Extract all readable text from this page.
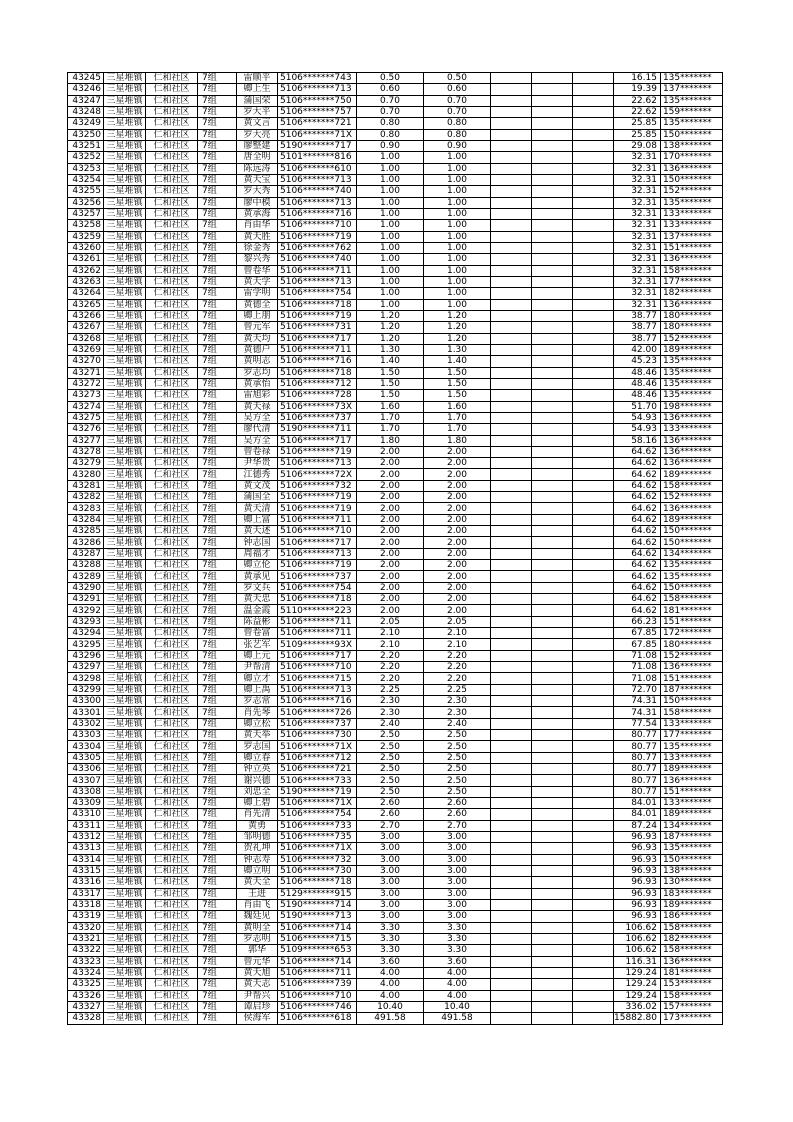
43245	三星堆镇	仁和社区	7组	雷顺平	5106*******743	0.50	0.50				16.15	135*******
43246	三星堆镇	仁和社区	7组	卿上生	5106*******713	0.60	0.60				19.39	137*******
43247	三星堆镇	仁和社区	7组	蒲国荣	5106*******750	0.70	0.70				22.62	135*******
43248	三星堆镇	仁和社区	7组	罗大平	5106*******757	0.70	0.70				22.62	159*******
43249	三星堆镇	仁和社区	7组	黄文言	5106*******721	0.80	0.80				25.85	135*******
43250	三星堆镇	仁和社区	7组	罗大亮	5106*******71X	0.80	0.80				25.85	150*******
43251	三星堆镇	仁和社区	7组	廖整建	5190*******717	0.90	0.90				29.08	138*******
43252	三星堆镇	仁和社区	7组	唐全明	5101*******816	1.00	1.00				32.31	170*******
43253	三星堆镇	仁和社区	7组	陈远涛	5106*******610	1.00	1.00				32.31	136*******
43254	三星堆镇	仁和社区	7组	黄天宝	5106*******713	1.00	1.00				32.31	150*******
43255	三星堆镇	仁和社区	7组	罗大秀	5106*******740	1.00	1.00				32.31	152*******
43256	三星堆镇	仁和社区	7组	廖中模	5106*******713	1.00	1.00				32.31	135*******
43257	三星堆镇	仁和社区	7组	黄承海	5106*******716	1.00	1.00				32.31	133*******
43258	三星堆镇	仁和社区	7组	肖由华	5106*******710	1.00	1.00				32.31	133*******
43259	三星堆镇	仁和社区	7组	黄天胜	5106*******719	1.00	1.00				32.31	137*******
43260	三星堆镇	仁和社区	7组	徐金秀	5106*******762	1.00	1.00				32.31	151*******
43261	三星堆镇	仁和社区	7组	黎兴秀	5106*******740	1.00	1.00				32.31	136*******
43262	三星堆镇	仁和社区	7组	曾卷华	5106*******711	1.00	1.00				32.31	158*******
43263	三星堆镇	仁和社区	7组	黄天学	5106*******713	1.00	1.00				32.31	177*******
43264	三星堆镇	仁和社区	7组	雷学明	5106*******754	1.00	1.00				32.31	182*******
43265	三星堆镇	仁和社区	7组	黄德全	5106*******718	1.00	1.00				32.31	136*******
43266	三星堆镇	仁和社区	7组	卿上朋	5106*******719	1.20	1.20				38.77	180*******
43267	三星堆镇	仁和社区	7组	曾元军	5106*******731	1.20	1.20				38.77	180*******
43268	三星堆镇	仁和社区	7组	黄天均	5106*******717	1.20	1.20				38.77	152*******
43269	三星堆镇	仁和社区	7组	黄德户	5106*******711	1.30	1.30				42.00	189*******
43270	三星堆镇	仁和社区	7组	黄明志	5106*******716	1.40	1.40				45.23	135*******
43271	三星堆镇	仁和社区	7组	罗志均	5106*******718	1.50	1.50				48.46	135*******
43272	三星堆镇	仁和社区	7组	黄承怡	5106*******712	1.50	1.50				48.46	135*******
43273	三星堆镇	仁和社区	7组	雷旭彩	5106*******728	1.50	1.50				48.46	135*******
43274	三星堆镇	仁和社区	7组	黄天禄	5106*******73X	1.60	1.60				51.70	198*******
43275	三星堆镇	仁和社区	7组	吴方全	5106*******737	1.70	1.70				54.93	136*******
43276	三星堆镇	仁和社区	7组	廖代清	5190*******711	1.70	1.70				54.93	133*******
43277	三星堆镇	仁和社区	7组	吴方全	5106*******717	1.80	1.80				58.16	136*******
43278	三星堆镇	仁和社区	7组	曾卷禄	5106*******719	2.00	2.00				64.62	136*******
43279	三星堆镇	仁和社区	7组	尹华贵	5106*******713	2.00	2.00				64.62	136*******
43280	三星堆镇	仁和社区	7组	江德秀	5106*******72X	2.00	2.00				64.62	189*******
43281	三星堆镇	仁和社区	7组	黄文茂	5106*******732	2.00	2.00				64.62	158*******
43282	三星堆镇	仁和社区	7组	蒲国全	5106*******719	2.00	2.00				64.62	152*******
43283	三星堆镇	仁和社区	7组	黄天清	5106*******719	2.00	2.00				64.62	136*******
43284	三星堆镇	仁和社区	7组	卿上富	5106*******711	2.00	2.00				64.62	189*******
43285	三星堆镇	仁和社区	7组	黄天述	5106*******710	2.00	2.00				64.62	150*******
43286	三星堆镇	仁和社区	7组	钟志国	5106*******717	2.00	2.00				64.62	150*******
43287	三星堆镇	仁和社区	7组	周福才	5106*******713	2.00	2.00				64.62	134*******
43288	三星堆镇	仁和社区	7组	卿立伦	5106*******719	2.00	2.00				64.62	135*******
43289	三星堆镇	仁和社区	7组	黄承见	5106*******737	2.00	2.00				64.62	135*******
43290	三星堆镇	仁和社区	7组	罗文兵	5106*******754	2.00	2.00				64.62	150*******
43291	三星堆镇	仁和社区	7组	黄天忠	5106*******718	2.00	2.00				64.62	158*******
43292	三星堆镇	仁和社区	7组	温金霞	5110*******223	2.00	2.00				64.62	181*******
43293	三星堆镇	仁和社区	7组	陈益彬	5106*******711	2.05	2.05				66.23	151*******
43294	三星堆镇	仁和社区	7组	曾卷富	5106*******711	2.10	2.10				67.85	172*******
43295	三星堆镇	仁和社区	7组	张艺军	5109*******93X	2.10	2.10				67.85	180*******
43296	三星堆镇	仁和社区	7组	卿上元	5106*******717	2.20	2.20				71.08	152*******
43297	三星堆镇	仁和社区	7组	尹帮清	5106*******710	2.20	2.20				71.08	136*******
43298	三星堆镇	仁和社区	7组	卿立才	5106*******715	2.20	2.20				71.08	151*******
43299	三星堆镇	仁和社区	7组	卿上禹	5106*******713	2.25	2.25				72.70	187*******
43300	三星堆镇	仁和社区	7组	罗志常	5106*******716	2.30	2.30				74.31	150*******
43301	三星堆镇	仁和社区	7组	肖先琴	5106*******726	2.30	2.30				74.31	158*******
43302	三星堆镇	仁和社区	7组	卿立松	5106*******737	2.40	2.40				77.54	133*******
43303	三星堆镇	仁和社区	7组	黄天举	5106*******730	2.50	2.50				80.77	177*******
43304	三星堆镇	仁和社区	7组	罗志国	5106*******71X	2.50	2.50				80.77	135*******
43305	三星堆镇	仁和社区	7组	卿立春	5106*******712	2.50	2.50				80.77	133*******
43306	三星堆镇	仁和社区	7组	钟立英	5106*******721	2.50	2.50				80.77	189*******
43307	三星堆镇	仁和社区	7组	谢兴德	5106*******733	2.50	2.50				80.77	136*******
43308	三星堆镇	仁和社区	7组	刘忠全	5190*******719	2.50	2.50				80.77	151*******
43309	三星堆镇	仁和社区	7组	卿上碧	5106*******71X	2.60	2.60				84.01	133*******
43310	三星堆镇	仁和社区	7组	肖先清	5106*******754	2.60	2.60				84.01	189*******
43311	三星堆镇	仁和社区	7组	黄勇	5106*******733	2.70	2.70				87.24	134*******
43312	三星堆镇	仁和社区	7组	邹明德	5106*******735	3.00	3.00				96.93	187*******
43313	三星堆镇	仁和社区	7组	贺礼坤	5106*******71X	3.00	3.00				96.93	135*******
43314	三星堆镇	仁和社区	7组	钟志寿	5106*******732	3.00	3.00				96.93	150*******
43315	三星堆镇	仁和社区	7组	卿立明	5106*******730	3.00	3.00				96.93	138*******
43316	三星堆镇	仁和社区	7组	黄天全	5106*******718	3.00	3.00				96.93	130*******
43317	三星堆镇	仁和社区	7组	王进	5129*******915	3.00	3.00				96.93	183*******
43318	三星堆镇	仁和社区	7组	肖由飞	5190*******714	3.00	3.00				96.93	189*******
43319	三星堆镇	仁和社区	7组	魏廷见	5190*******713	3.00	3.00				96.93	186*******
43320	三星堆镇	仁和社区	7组	黄明全	5106*******714	3.30	3.30				106.62	158*******
43321	三星堆镇	仁和社区	7组	罗志明	5106*******715	3.30	3.30				106.62	182*******
43322	三星堆镇	仁和社区	7组	郭华	5109*******653	3.30	3.30				106.62	158*******
43323	三星堆镇	仁和社区	7组	曾元华	5106*******714	3.60	3.60				116.31	136*******
43324	三星堆镇	仁和社区	7组	黄天旭	5106*******711	4.00	4.00				129.24	181*******
43325	三星堆镇	仁和社区	7组	黄天志	5106*******739	4.00	4.00				129.24	153*******
43326	三星堆镇	仁和社区	7组	尹帮兴	5106*******710	4.00	4.00				129.24	158*******
43327	三星堆镇	仁和社区	7组	谭启珍	5106*******746	10.40	10.40				336.02	157*******
43328	三星堆镇	仁和社区	7组	侯海军	5106*******618	491.58	491.58				15882.80	173*******
